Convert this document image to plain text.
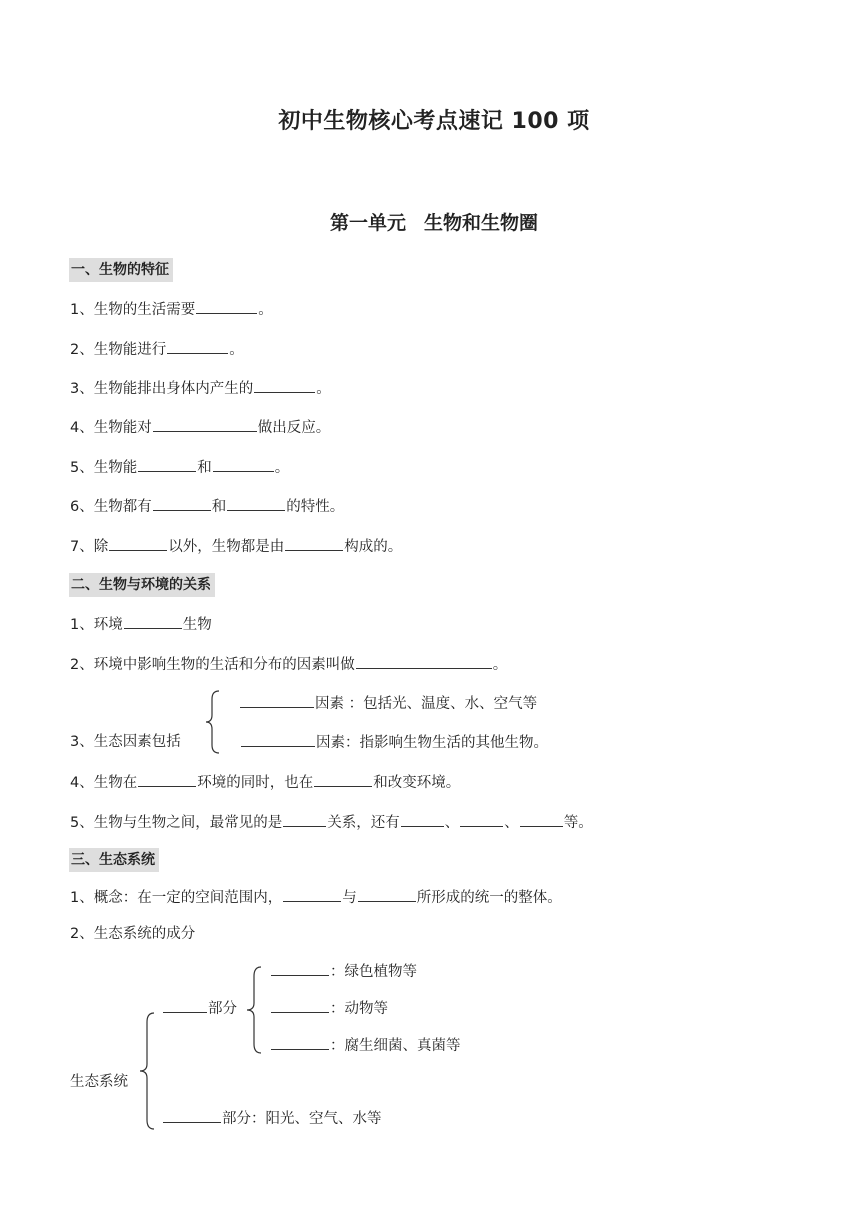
初中生物核心考点速记 100 项
第一单元 生物和生物圈
一、生物的特征
1、生物的生活需要	。
2、生物能进行	。
3、生物能排出身体内产生的	。
4、生物能对	做出反应。
5、生物能	和	。
6、生物都有	和	的特性。
7、除	以外，生物都是由	构成的。
二、生物与环境的关系
1、环境	生物
2、环境中影响生物的生活和分布的因素叫做	。
因素 ：包括光、温度、水、空气等
3、生态因素包括	因素：指影响生物生活的其他生物。
4、生物在	环境的同时，也在	和改变环境。
5、生物与生物之间，最常见的是	关系，还有	、	、	等。
三、生态系统
1、概念：在一定的空间范围内，	与	所形成的统一的整体。
2、生态系统的成分
：绿色植物等
部分	：动物等
：腐生细菌、真菌等
生态系统
部分：阳光、空气、水等
